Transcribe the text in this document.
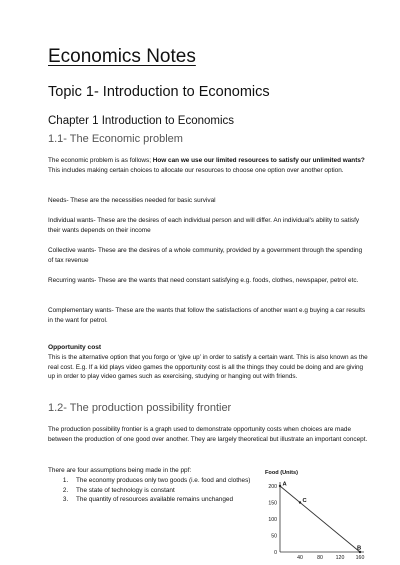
Economics Notes
Topic 1- Introduction to Economics
Chapter 1 Introduction to Economics
1.1- The Economic problem
The economic problem is as follows; How can we use our limited resources to satisfy our unlimited wants? This includes making certain choices to allocate our resources to choose one option over another option.
Needs- These are the necessities needed for basic survival
Individual wants- These are the desires of each individual person and will differ. An individual's ability to satisfy their wants depends on their income
Collective wants- These are the desires of a whole community, provided by a government through the spending of tax revenue
Recurring wants- These are the wants that need constant satisfying e.g. foods, clothes, newspaper, petrol etc.
Complementary wants- These are the wants that follow the satisfactions of another want e.g buying a car results in the want for petrol.
Opportunity cost
This is the alternative option that you forgo or ‘give up’ in order to satisfy a certain want. This is also known as the real cost. E.g. If a kid plays video games the opportunity cost is all the things they could be doing and are giving up in order to play video games such as exercising, studying or hanging out with friends.
1.2- The production possibility frontier
The production possibility frontier is a graph used to demonstrate opportunity costs when choices are made between the production of one good over another. They are largely theoretical but illustrate an important concept.
There are four assumptions being made in the ppf:
1. The economy produces only two goods (i.e. food and clothes)
2. The state of technology is constant
3. The quantity of resources available remains unchanged
Food (Units)
0
50
100
150
200
40	80 120 160
A
C
B
